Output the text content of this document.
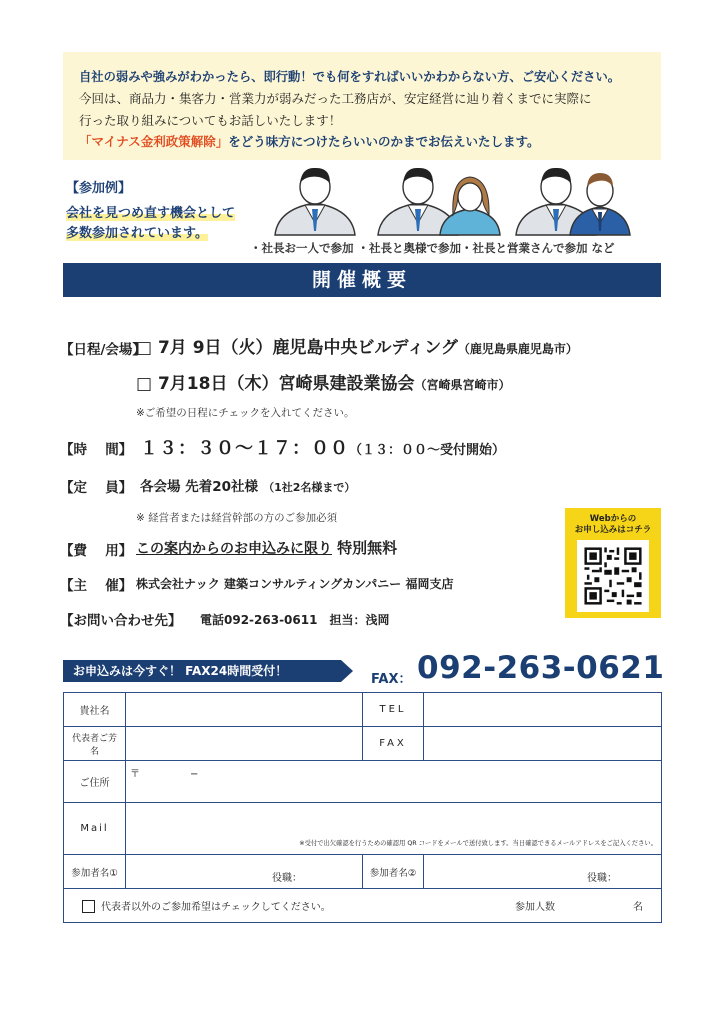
自社の弱みや強みがわかったら、即行動！でも何をすればいいかわからない方、ご安心ください。
今回は、商品力・集客力・営業力が弱みだった工務店が、安定経営に辿り着くまでに実際に
行った取り組みについてもお話しいたします！
「マイナス金利政策解除」をどう味方につけたらいいのかまでお伝えいたします。
【参加例】
会社を見つめ直す機会として
多数参加されています。
・社長お一人で参加 ・社長と奥様で参加・社長と営業さんで参加 など
開催概要
【日程/会場】
□ 7月 9日（火）鹿児島中央ビルディング（鹿児島県鹿児島市）
□ 7月18日（木）宮崎県建設業協会（宮崎県宮崎市）
※ご希望の日程にチェックを入れてください。
【時　 間】 １３：３０〜１７：００（１３：００〜受付開始）
【定　 員】 各会場 先着20社様 （1社2名様まで）
※ 経営者または経営幹部の方のご参加必須
【費　 用】 この案内からのお申込みに限り 特別無料
【主　 催】 株式会社ナック 建築コンサルティングカンパニー 福岡支店
【お問い合わせ先】 電話092-263-0611　担当：浅岡
Webからの
お申し込みはコチラ
お申込みは今すぐ！ FAX24時間受付！
FAX： 092-263-0621
貴社名		TEL	
代表者ご芳名		FAX	
ご住所	〒　　　　　−		
Mail	※受付で出欠確認を行うための確認用 QR コードをメールで送付致します。当日確認できるメールアドレスをご記入ください。		
参加者名①	役職：	参加者名②	役職：
代表者以外のご参加希望はチェックしてください。 参加人数 名			
